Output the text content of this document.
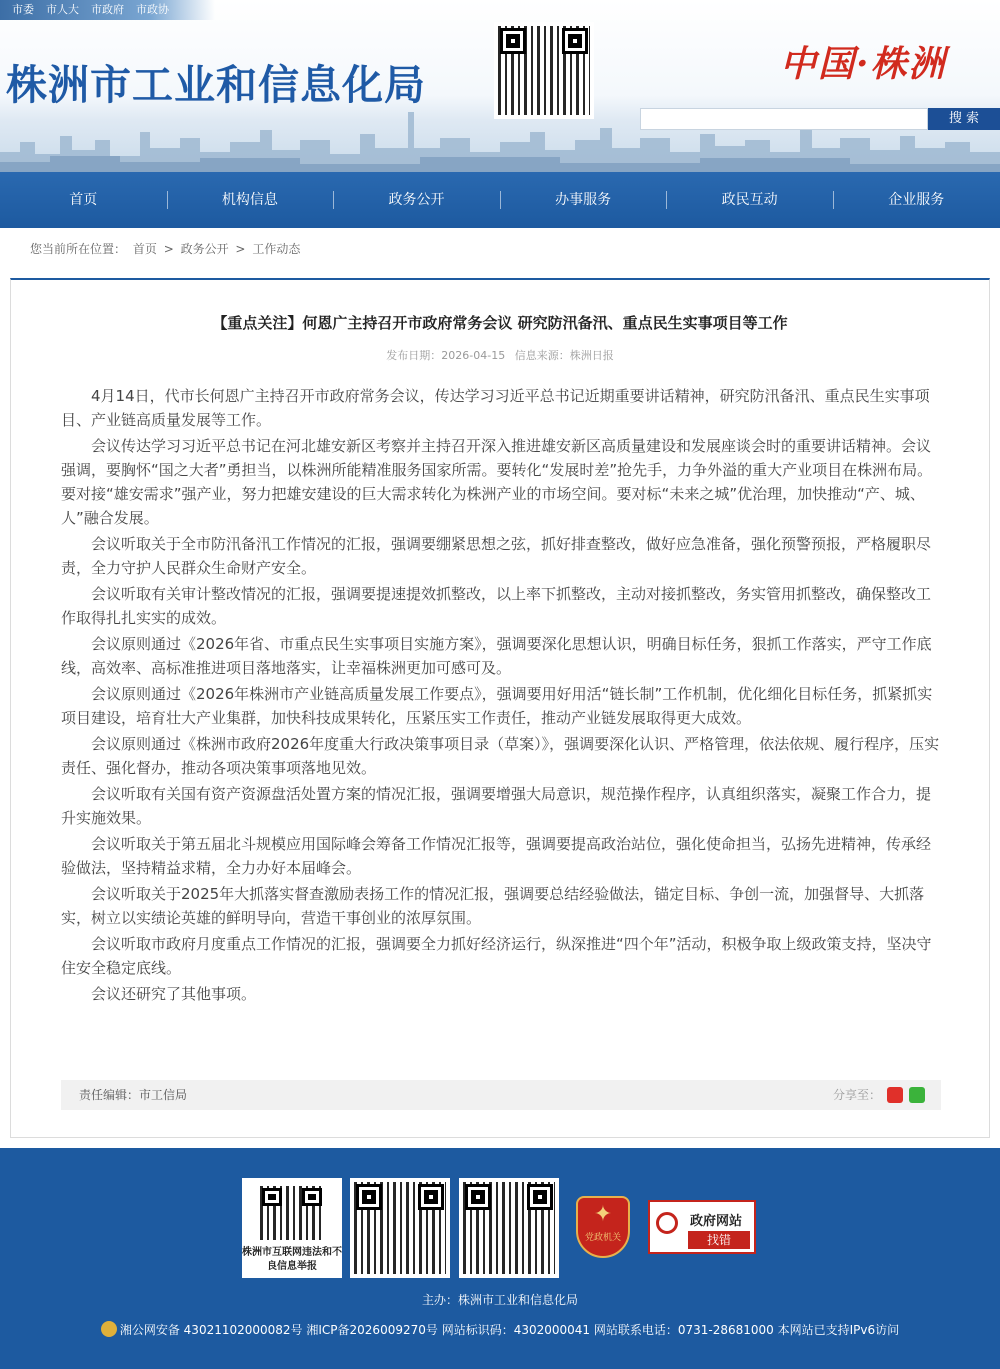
市委 市人大 市政府 市政协
株洲市工业和信息化局	中国·株洲
搜 索
首页	机构信息	政务公开	办事服务	政民互动	企业服务
您当前所在位置： 首页 > 政务公开 > 工作动态
【重点关注】何恩广主持召开市政府常务会议 研究防汛备汛、重点民生实事项目等工作
发布日期：2026-04-15 信息来源：株洲日报

4月14日，代市长何恩广主持召开市政府常务会议，传达学习习近平总书记近期重要讲话精神，研究防汛备汛、重点民生实事项目、产业链高质量发展等工作。

会议传达学习习近平总书记在河北雄安新区考察并主持召开深入推进雄安新区高质量建设和发展座谈会时的重要讲话精神。会议强调，要胸怀“国之大者”勇担当，以株洲所能精准服务国家所需。要转化“发展时差”抢先手，力争外溢的重大产业项目在株洲布局。要对接“雄安需求”强产业，努力把雄安建设的巨大需求转化为株洲产业的市场空间。要对标“未来之城”优治理，加快推动“产、城、人”融合发展。

会议听取关于全市防汛备汛工作情况的汇报，强调要绷紧思想之弦，抓好排查整改，做好应急准备，强化预警预报，严格履职尽责，全力守护人民群众生命财产安全。

会议听取有关审计整改情况的汇报，强调要提速提效抓整改，以上率下抓整改，主动对接抓整改，务实管用抓整改，确保整改工作取得扎扎实实的成效。

会议原则通过《2026年省、市重点民生实事项目实施方案》，强调要深化思想认识，明确目标任务，狠抓工作落实，严守工作底线，高效率、高标准推进项目落地落实，让幸福株洲更加可感可及。

会议原则通过《2026年株洲市产业链高质量发展工作要点》，强调要用好用活“链长制”工作机制，优化细化目标任务，抓紧抓实项目建设，培育壮大产业集群，加快科技成果转化，压紧压实工作责任，推动产业链发展取得更大成效。

会议原则通过《株洲市政府2026年度重大行政决策事项目录（草案）》，强调要深化认识、严格管理，依法依规、履行程序，压实责任、强化督办，推动各项决策事项落地见效。

会议听取有关国有资产资源盘活处置方案的情况汇报，强调要增强大局意识，规范操作程序，认真组织落实，凝聚工作合力，提升实施效果。

会议听取关于第五届北斗规模应用国际峰会筹备工作情况汇报等，强调要提高政治站位，强化使命担当，弘扬先进精神，传承经验做法，坚持精益求精，全力办好本届峰会。

会议听取关于2025年大抓落实督查激励表扬工作的情况汇报，强调要总结经验做法，锚定目标、争创一流，加强督导、大抓落实，树立以实绩论英雄的鲜明导向，营造干事创业的浓厚氛围。

会议听取市政府月度重点工作情况的汇报，强调要全力抓好经济运行，纵深推进“四个年”活动，积极争取上级政策支持，坚决守住安全稳定底线。

会议还研究了其他事项。

责任编辑：市工信局	分享至：
株洲市互联网违法和不良信息举报
✦
党政机关
政府网站
找错
主办：株洲市工业和信息化局
湘公网安备 43021102000082号 湘ICP备2026009270号 网站标识码：4302000041 网站联系电话：0731-28681000 本网站已支持IPv6访问
